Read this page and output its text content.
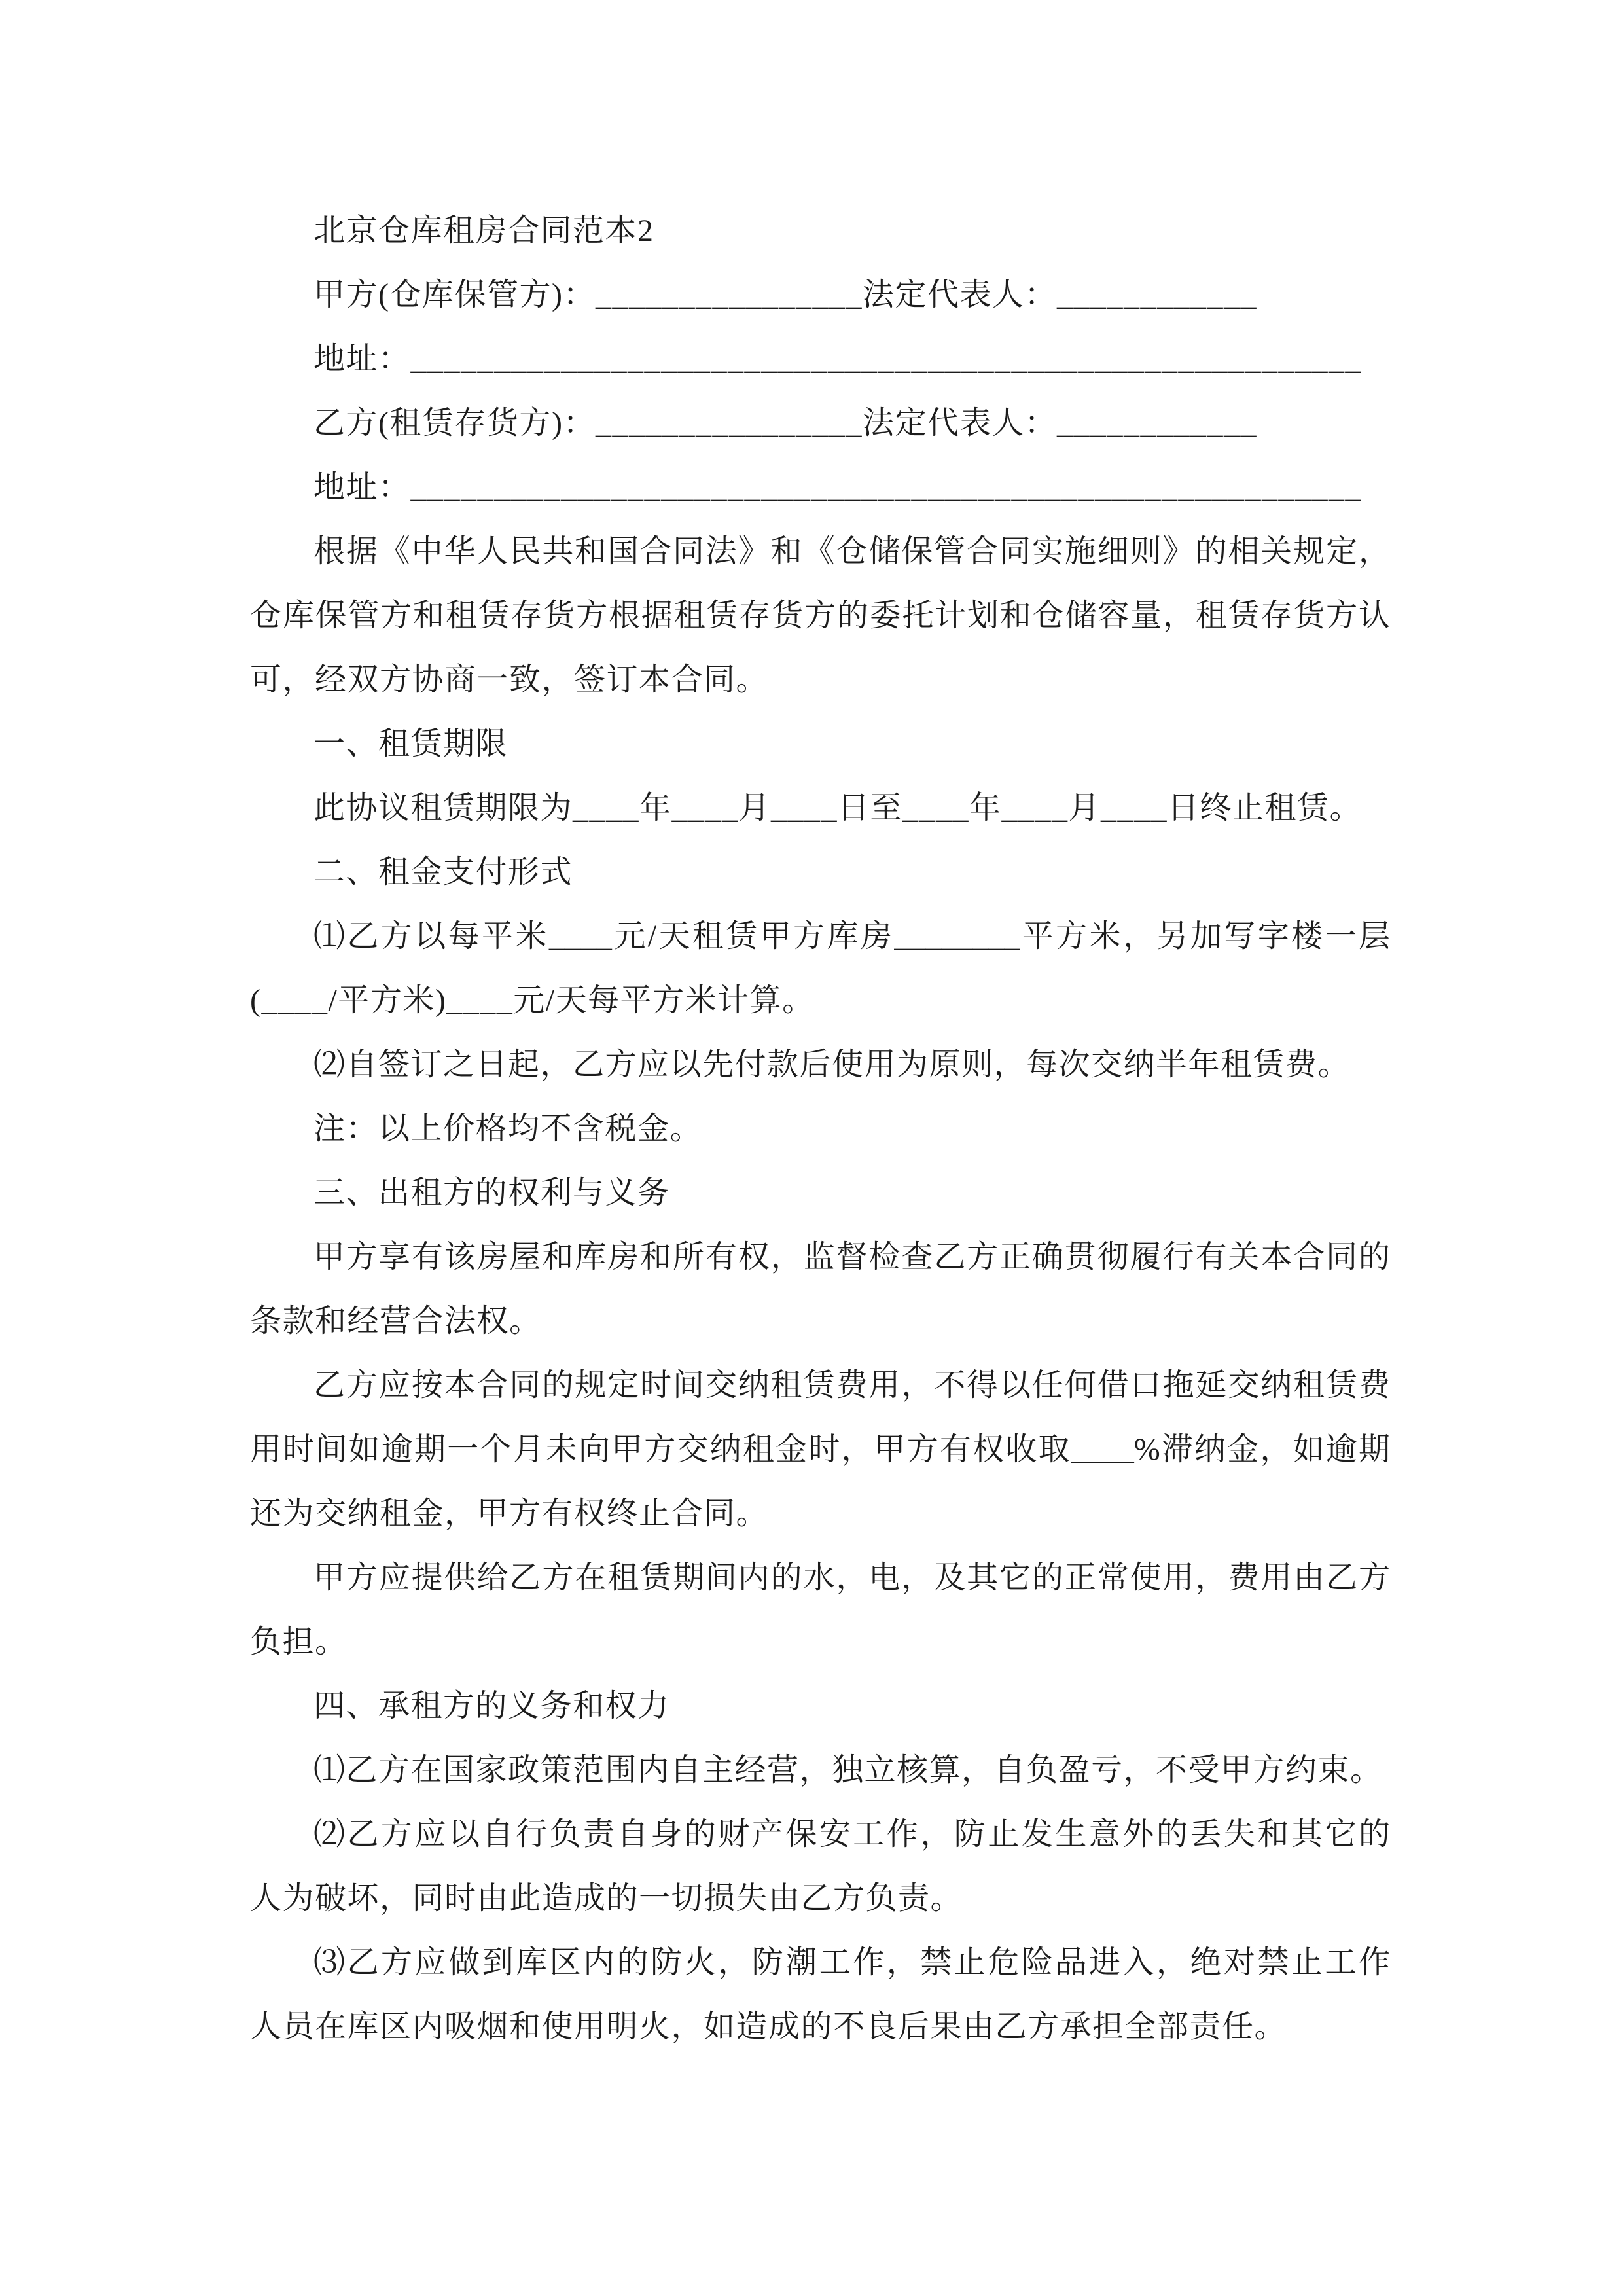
北京仓库租房合同范本2
甲方(仓库保管方)：________________法定代表人：____________
地址：_________________________________________________________
乙方(租赁存货方)：________________法定代表人：____________
地址：_________________________________________________________
根据《中华人民共和国合同法》和《仓储保管合同实施细则》的相关规定，
仓库保管方和租赁存货方根据租赁存货方的委托计划和仓储容量，租赁存货方认
可，经双方协商一致，签订本合同。
一、租赁期限
此协议租赁期限为____年____月____日至____年____月____日终止租赁。
二、租金支付形式
⑴乙方以每平米____元/天租赁甲方库房________平方米，另加写字楼一层
(____/平方米)____元/天每平方米计算。
⑵自签订之日起，乙方应以先付款后使用为原则，每次交纳半年租赁费。
注：以上价格均不含税金。
三、出租方的权利与义务
甲方享有该房屋和库房和所有权，监督检查乙方正确贯彻履行有关本合同的
条款和经营合法权。
乙方应按本合同的规定时间交纳租赁费用，不得以任何借口拖延交纳租赁费
用时间如逾期一个月未向甲方交纳租金时，甲方有权收取____%滞纳金，如逾期
还为交纳租金，甲方有权终止合同。
甲方应提供给乙方在租赁期间内的水，电，及其它的正常使用，费用由乙方
负担。
四、承租方的义务和权力
⑴乙方在国家政策范围内自主经营，独立核算，自负盈亏，不受甲方约束。
⑵乙方应以自行负责自身的财产保安工作，防止发生意外的丢失和其它的
人为破坏，同时由此造成的一切损失由乙方负责。
⑶乙方应做到库区内的防火，防潮工作，禁止危险品进入，绝对禁止工作
人员在库区内吸烟和使用明火，如造成的不良后果由乙方承担全部责任。
